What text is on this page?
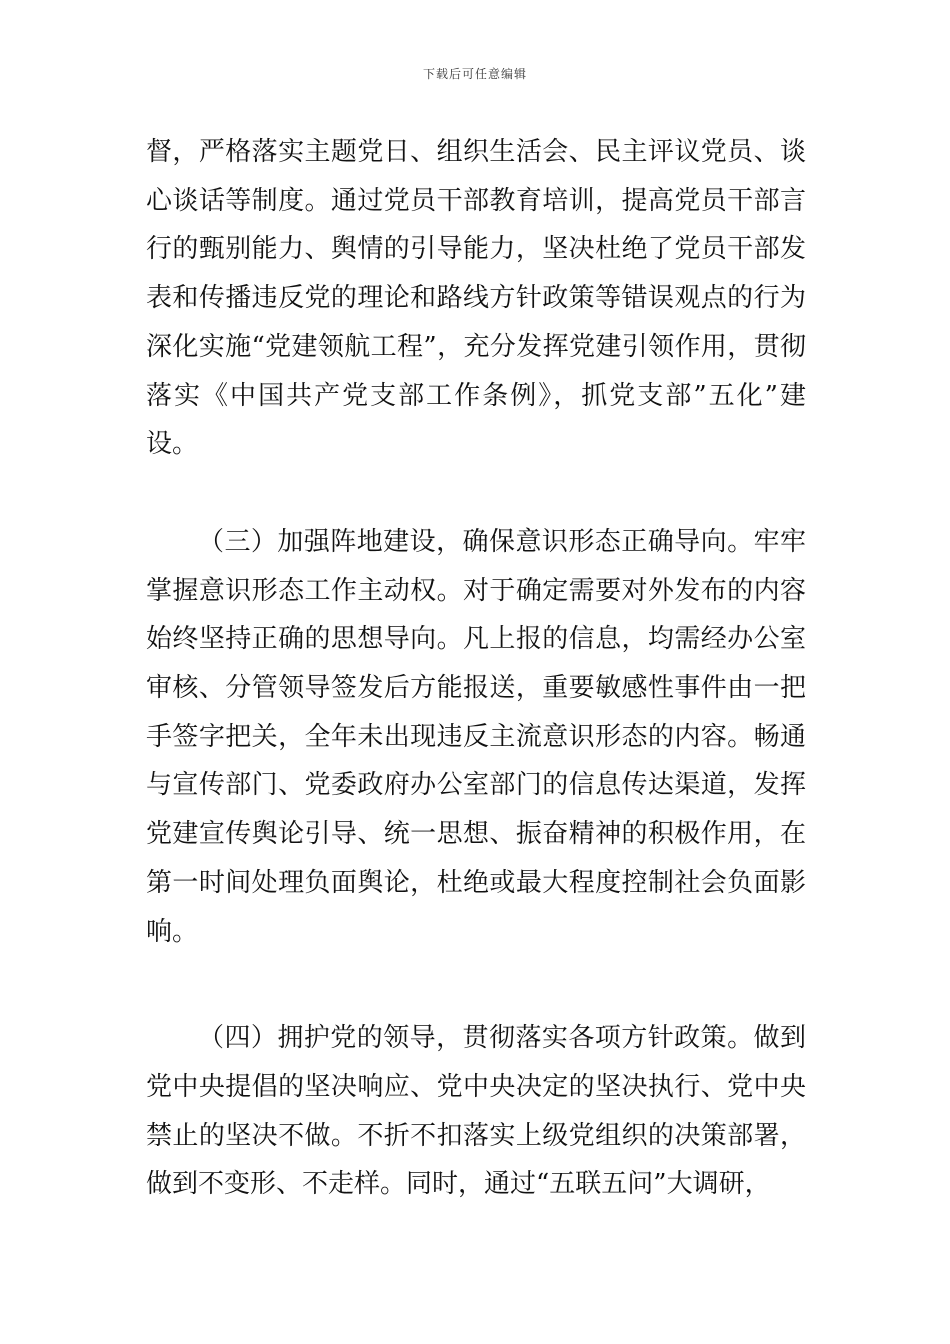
下载后可任意编辑

督，严格落实主题党日、组织生活会、民主评议党员、谈心谈话等制度。通过党员干部教育培训，提高党员干部言行的甄别能力、舆情的引导能力，坚决杜绝了党员干部发表和传播违反党的理论和路线方针政策等错误观点的行为深化实施“党建领航工程”，充分发挥党建引领作用，贯彻落实《中国共产党支部工作条例》，抓党支部”五化”建设。

（三）加强阵地建设，确保意识形态正确导向。牢牢掌握意识形态工作主动权。对于确定需要对外发布的内容始终坚持正确的思想导向。凡上报的信息，均需经办公室审核、分管领导签发后方能报送，重要敏感性事件由一把手签字把关，全年未出现违反主流意识形态的内容。畅通与宣传部门、党委政府办公室部门的信息传达渠道，发挥党建宣传舆论引导、统一思想、振奋精神的积极作用，在第一时间处理负面舆论，杜绝或最大程度控制社会负面影响。

（四）拥护党的领导，贯彻落实各项方针政策。做到党中央提倡的坚决响应、党中央决定的坚决执行、党中央禁止的坚决不做。不折不扣落实上级党组织的决策部署，做到不变形、不走样。同时，通过“五联五问”大调研，
